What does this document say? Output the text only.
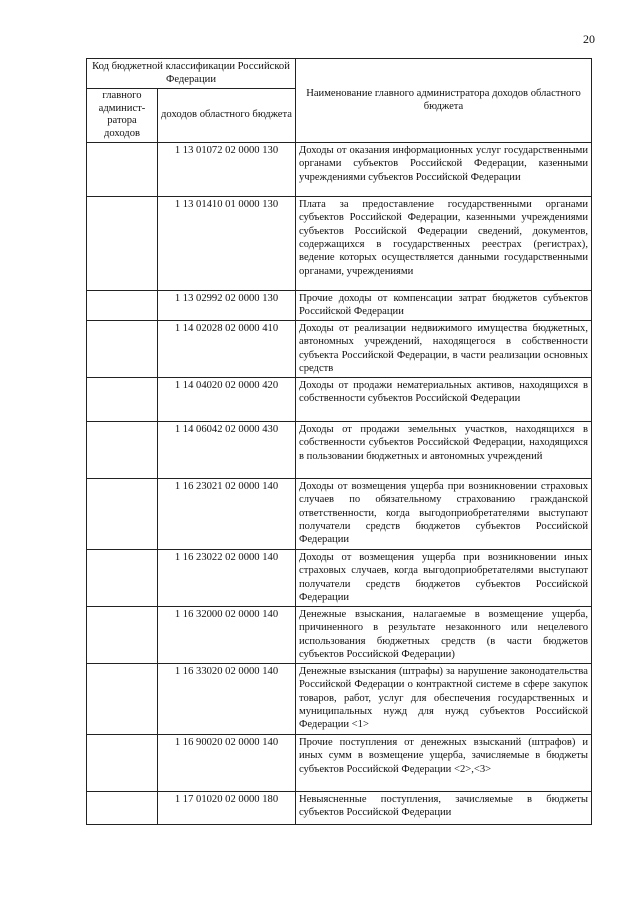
20
Код бюджетной классификации Российской Федерации		Наименование главного администратора доходов областного бюджета
главного админист-ратора доходов	доходов областного бюджета	
	1 13 01072 02 0000 130	Доходы от оказания информационных услуг государственными органами субъектов Российской Федерации, казенными учреждениями субъектов Российской Федерации
	1 13 01410 01 0000 130	Плата за предоставление государственными органами субъектов Российской Федерации, казенными учреждениями субъектов Российской Федерации сведений, документов, содержащихся в государственных реестрах (регистрах), ведение которых осуществляется данными государственными органами, учреждениями
	1 13 02992 02 0000 130	Прочие доходы от компенсации затрат бюджетов субъектов Российской Федерации
	1 14 02028 02 0000 410	Доходы от реализации недвижимого имущества бюджетных, автономных учреждений, находящегося в собственности субъекта Российской Федерации, в части реализации основных средств
	1 14 04020 02 0000 420	Доходы от продажи нематериальных активов, находящихся в собственности субъектов Российской Федерации
	1 14 06042 02 0000 430	Доходы от продажи земельных участков, находящихся в собственности субъектов Российской Федерации, находящихся в пользовании бюджетных и автономных учреждений
	1 16 23021 02 0000 140	Доходы от возмещения ущерба при возникновении страховых случаев по обязательному страхованию гражданской ответственности, когда выгодоприобретателями выступают получатели средств бюджетов субъектов Российской Федерации
	1 16 23022 02 0000 140	Доходы от возмещения ущерба при возникновении иных страховых случаев, когда выгодоприобретателями выступают получатели средств бюджетов субъектов Российской Федерации
	1 16 32000 02 0000 140	Денежные взыскания, налагаемые в возмещение ущерба, причиненного в результате незаконного или нецелевого использования бюджетных средств (в части бюджетов субъектов Российской Федерации)
	1 16 33020 02 0000 140	Денежные взыскания (штрафы) за нарушение законодательства Российской Федерации о контрактной системе в сфере закупок товаров, работ, услуг для обеспечения государственных и муниципальных нужд для нужд субъектов Российской Федерации <1>
	1 16 90020 02 0000 140	Прочие поступления от денежных взысканий (штрафов) и иных сумм в возмещение ущерба, зачисляемые в бюджеты субъектов Российской Федерации <2>,<3>
	1 17 01020 02 0000 180	Невыясненные поступления, зачисляемые в бюджеты субъектов Российской Федерации
